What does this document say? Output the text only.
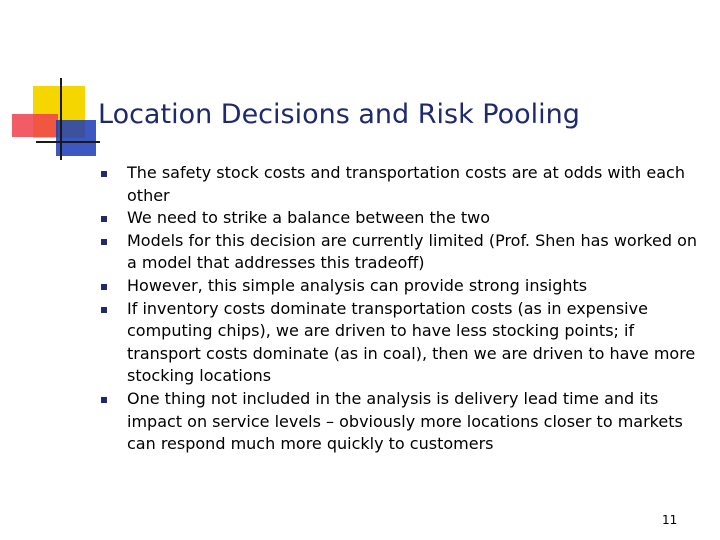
Location Decisions and Risk Pooling
The safety stock costs and transportation costs are at odds with each other
We need to strike a balance between the two
Models for this decision are currently limited (Prof. Shen has worked on a model that addresses this tradeoff)
However, this simple analysis can provide strong insights
If inventory costs dominate transportation costs (as in expensive computing chips), we are driven to have less stocking points; if transport costs dominate (as in coal), then we are driven to have more stocking locations
One thing not included in the analysis is delivery lead time and its impact on service levels – obviously more locations closer to markets can respond much more quickly to customers
11
